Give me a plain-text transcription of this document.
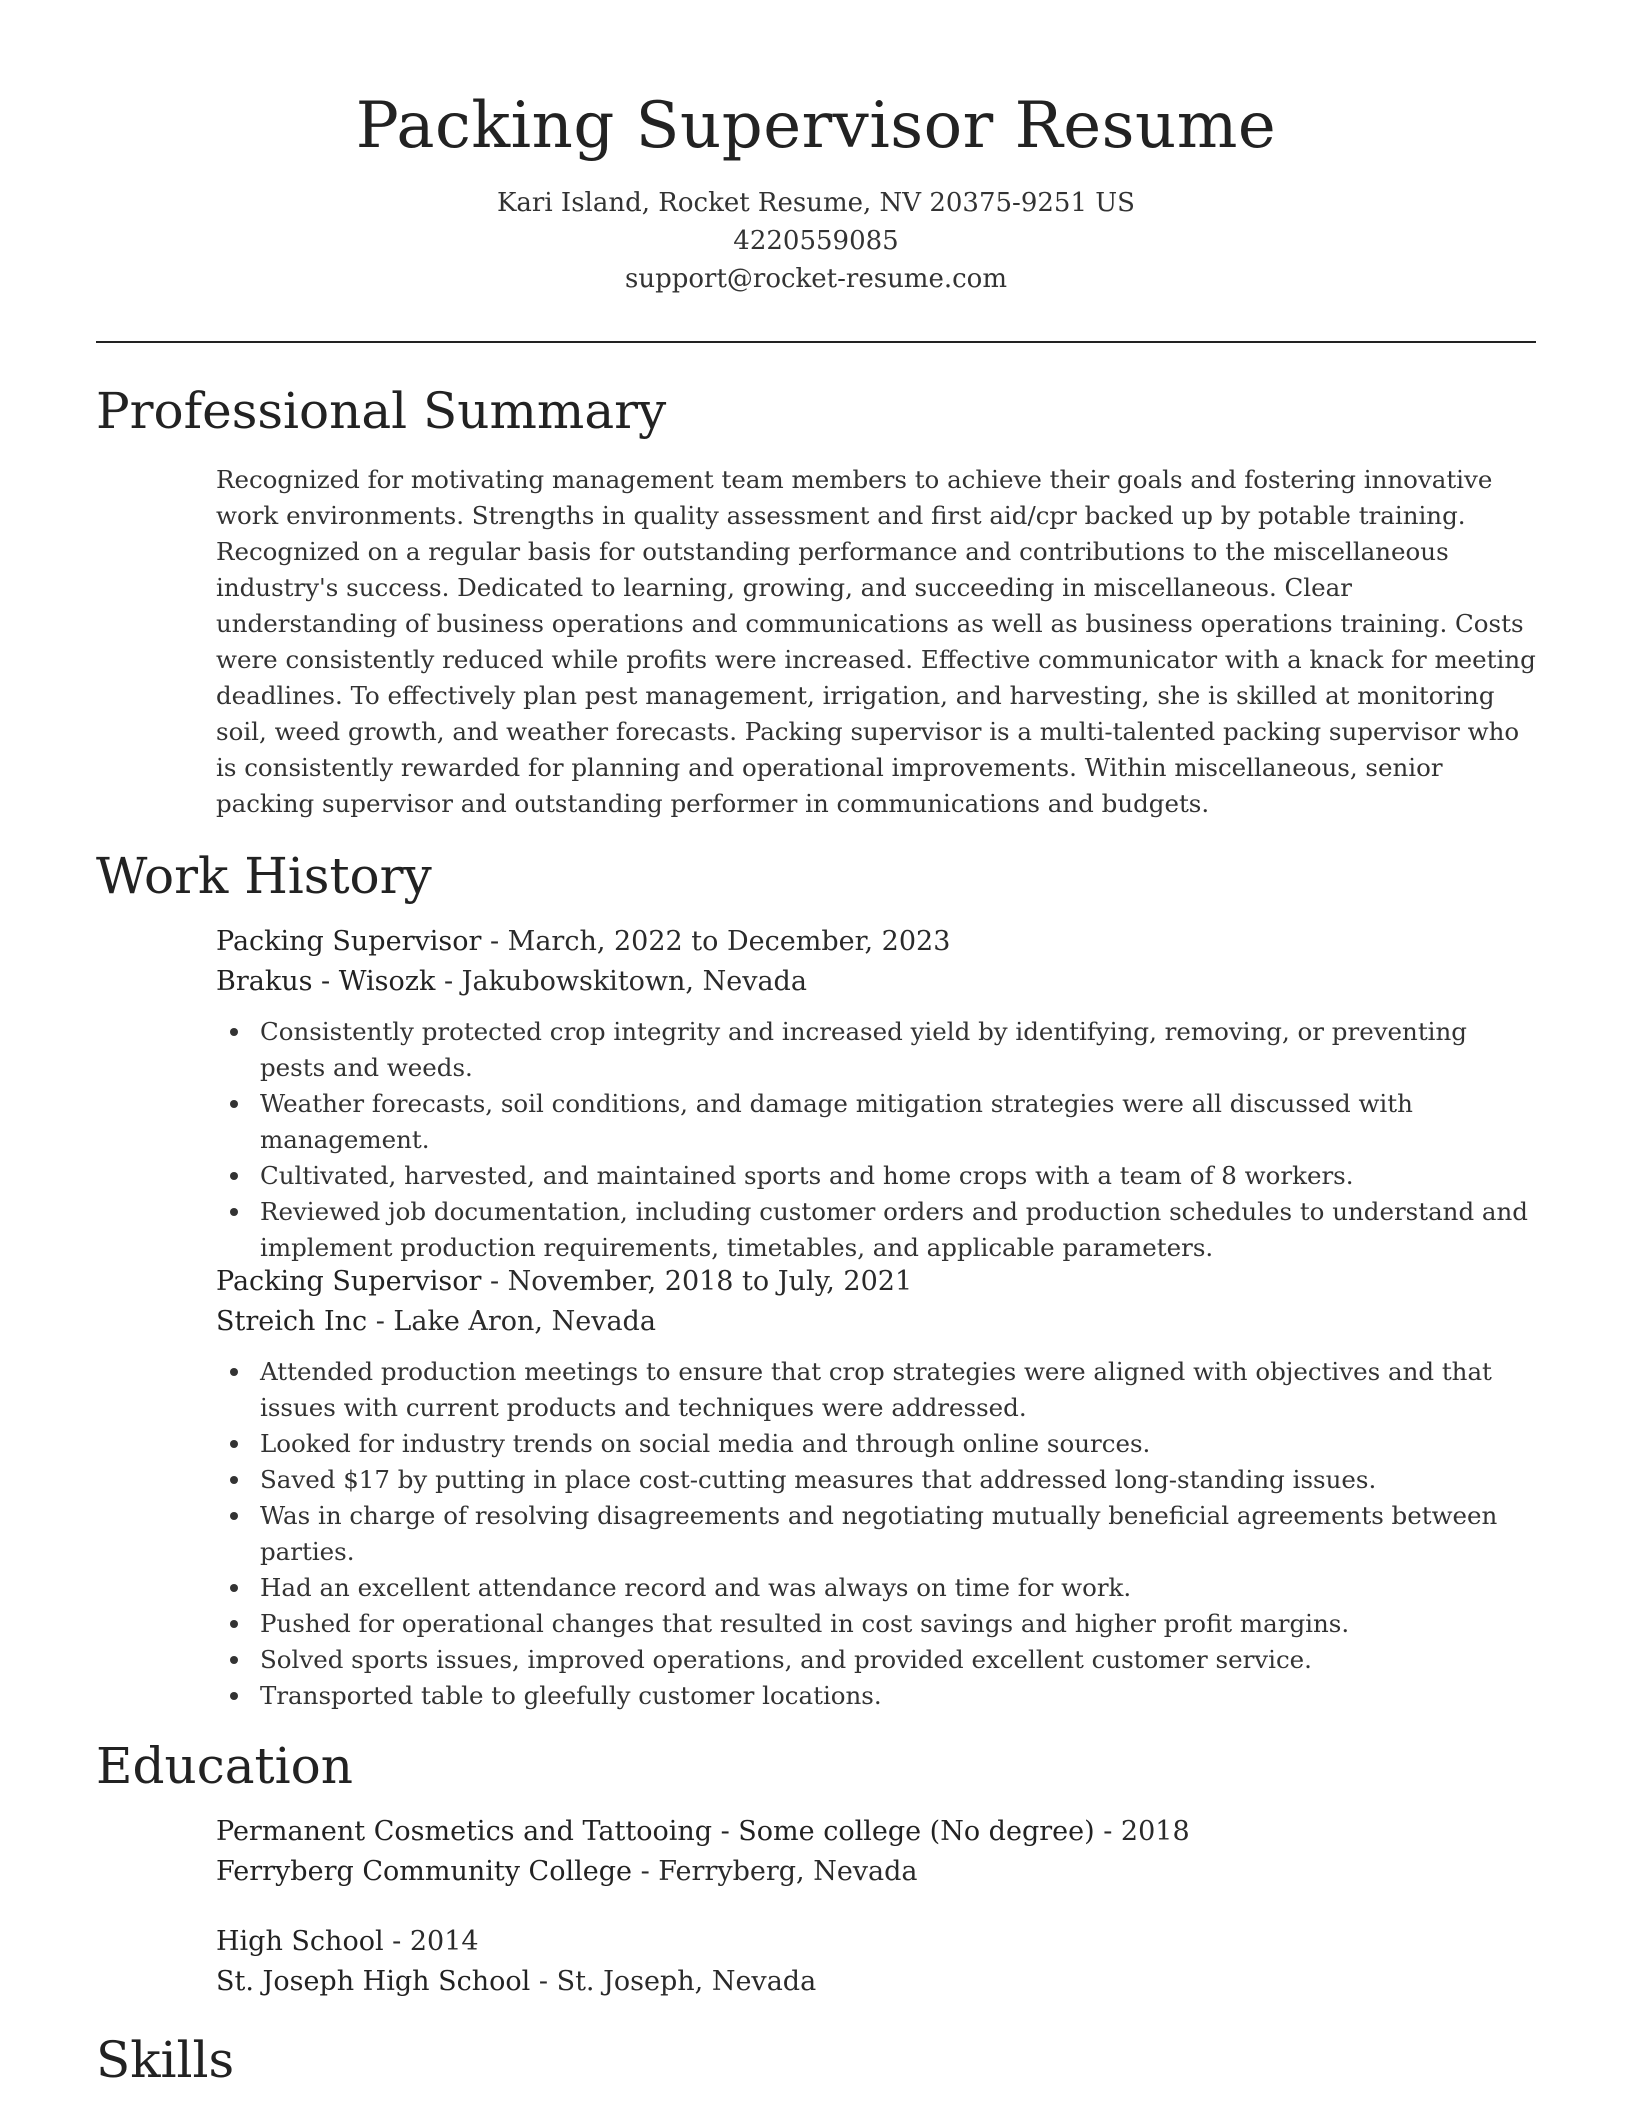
Packing Supervisor Resume

Kari Island, Rocket Resume, NV 20375-9251 US

4220559085

support@rocket-resume.com

Professional Summary

Recognized for motivating management team members to achieve their goals and fostering innovative work environments. Strengths in quality assessment and first aid/cpr backed up by potable training. Recognized on a regular basis for outstanding performance and contributions to the miscellaneous industry's success. Dedicated to learning, growing, and succeeding in miscellaneous. Clear understanding of business operations and communications as well as business operations training. Costs were consistently reduced while profits were increased. Effective communicator with a knack for meeting deadlines. To effectively plan pest management, irrigation, and harvesting, she is skilled at monitoring soil, weed growth, and weather forecasts. Packing supervisor is a multi-talented packing supervisor who is consistently rewarded for planning and operational improvements. Within miscellaneous, senior packing supervisor and outstanding performer in communications and budgets.

Work History

Packing Supervisor - March, 2022 to December, 2023

Brakus - Wisozk - Jakubowskitown, Nevada

Consistently protected crop integrity and increased yield by identifying, removing, or preventing pests and weeds.
Weather forecasts, soil conditions, and damage mitigation strategies were all discussed with management.
Cultivated, harvested, and maintained sports and home crops with a team of 8 workers.
Reviewed job documentation, including customer orders and production schedules to understand and implement production requirements, timetables, and applicable parameters.

Packing Supervisor - November, 2018 to July, 2021

Streich Inc - Lake Aron, Nevada

Attended production meetings to ensure that crop strategies were aligned with objectives and that issues with current products and techniques were addressed.
Looked for industry trends on social media and through online sources.
Saved $17 by putting in place cost-cutting measures that addressed long-standing issues.
Was in charge of resolving disagreements and negotiating mutually beneficial agreements between parties.
Had an excellent attendance record and was always on time for work.
Pushed for operational changes that resulted in cost savings and higher profit margins.
Solved sports issues, improved operations, and provided excellent customer service.
Transported table to gleefully customer locations.
Education

Permanent Cosmetics and Tattooing - Some college (No degree) - 2018

Ferryberg Community College - Ferryberg, Nevada

High School - 2014

St. Joseph High School - St. Joseph, Nevada

Skills
